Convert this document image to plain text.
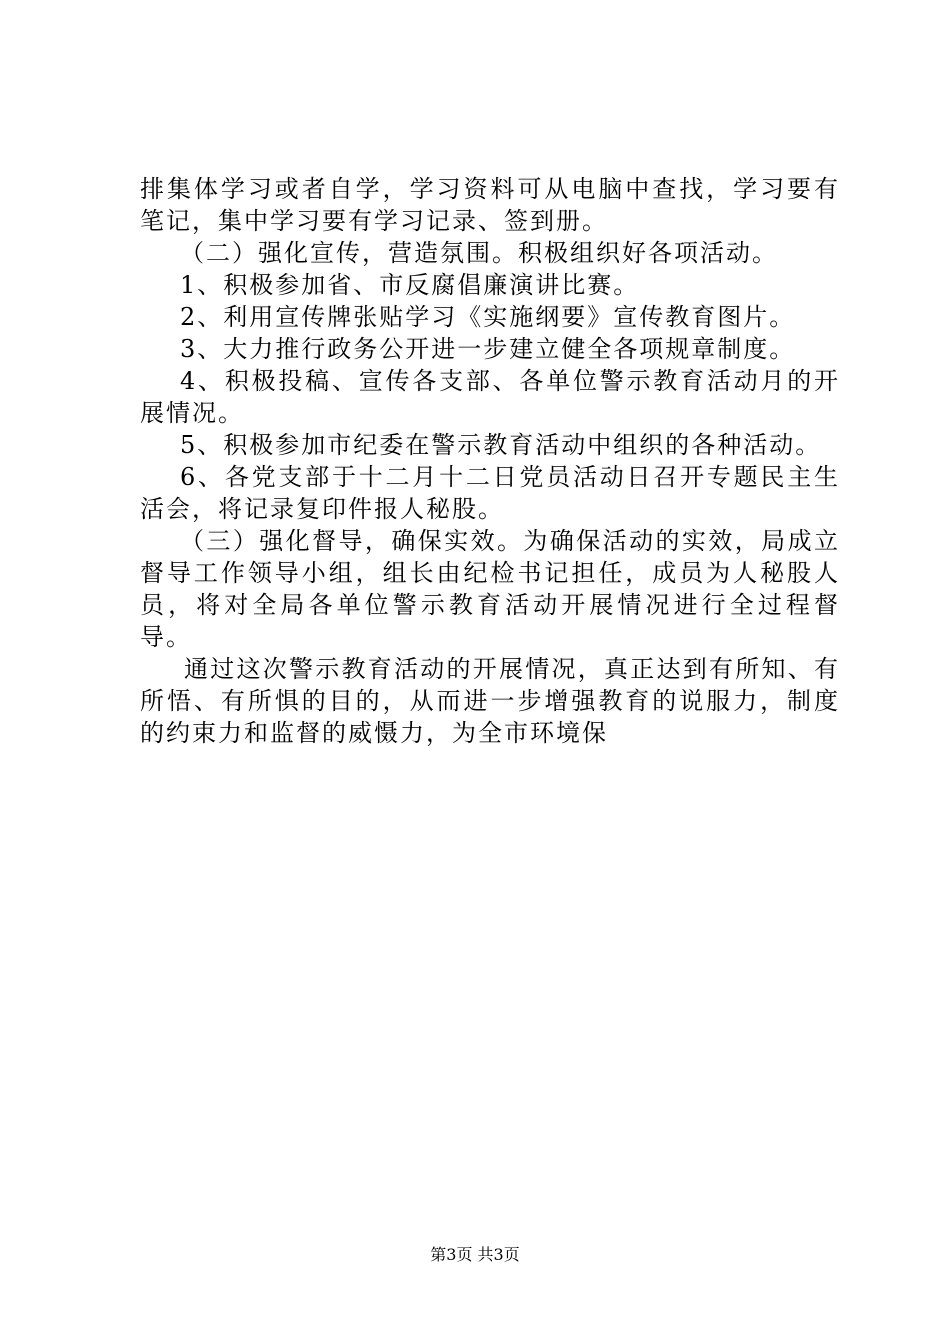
排集体学习或者自学，学习资料可从电脑中查找，学习要有笔记，集中学习要有学习记录、签到册。

（二）强化宣传，营造氛围。积极组织好各项活动。

1、积极参加省、市反腐倡廉演讲比赛。

2、利用宣传牌张贴学习《实施纲要》宣传教育图片。

3、大力推行政务公开进一步建立健全各项规章制度。

4、积极投稿、宣传各支部、各单位警示教育活动月的开展情况。

5、积极参加市纪委在警示教育活动中组织的各种活动。

6、各党支部于十二月十二日党员活动日召开专题民主生活会，将记录复印件报人秘股。

（三）强化督导，确保实效。为确保活动的实效，局成立督导工作领导小组，组长由纪检书记担任，成员为人秘股人员，将对全局各单位警示教育活动开展情况进行全过程督导。

通过这次警示教育活动的开展情况，真正达到有所知、有所悟、有所惧的目的，从而进一步增强教育的说服力，制度的约束力和监督的威慑力，为全市环境保

第3页 共3页
